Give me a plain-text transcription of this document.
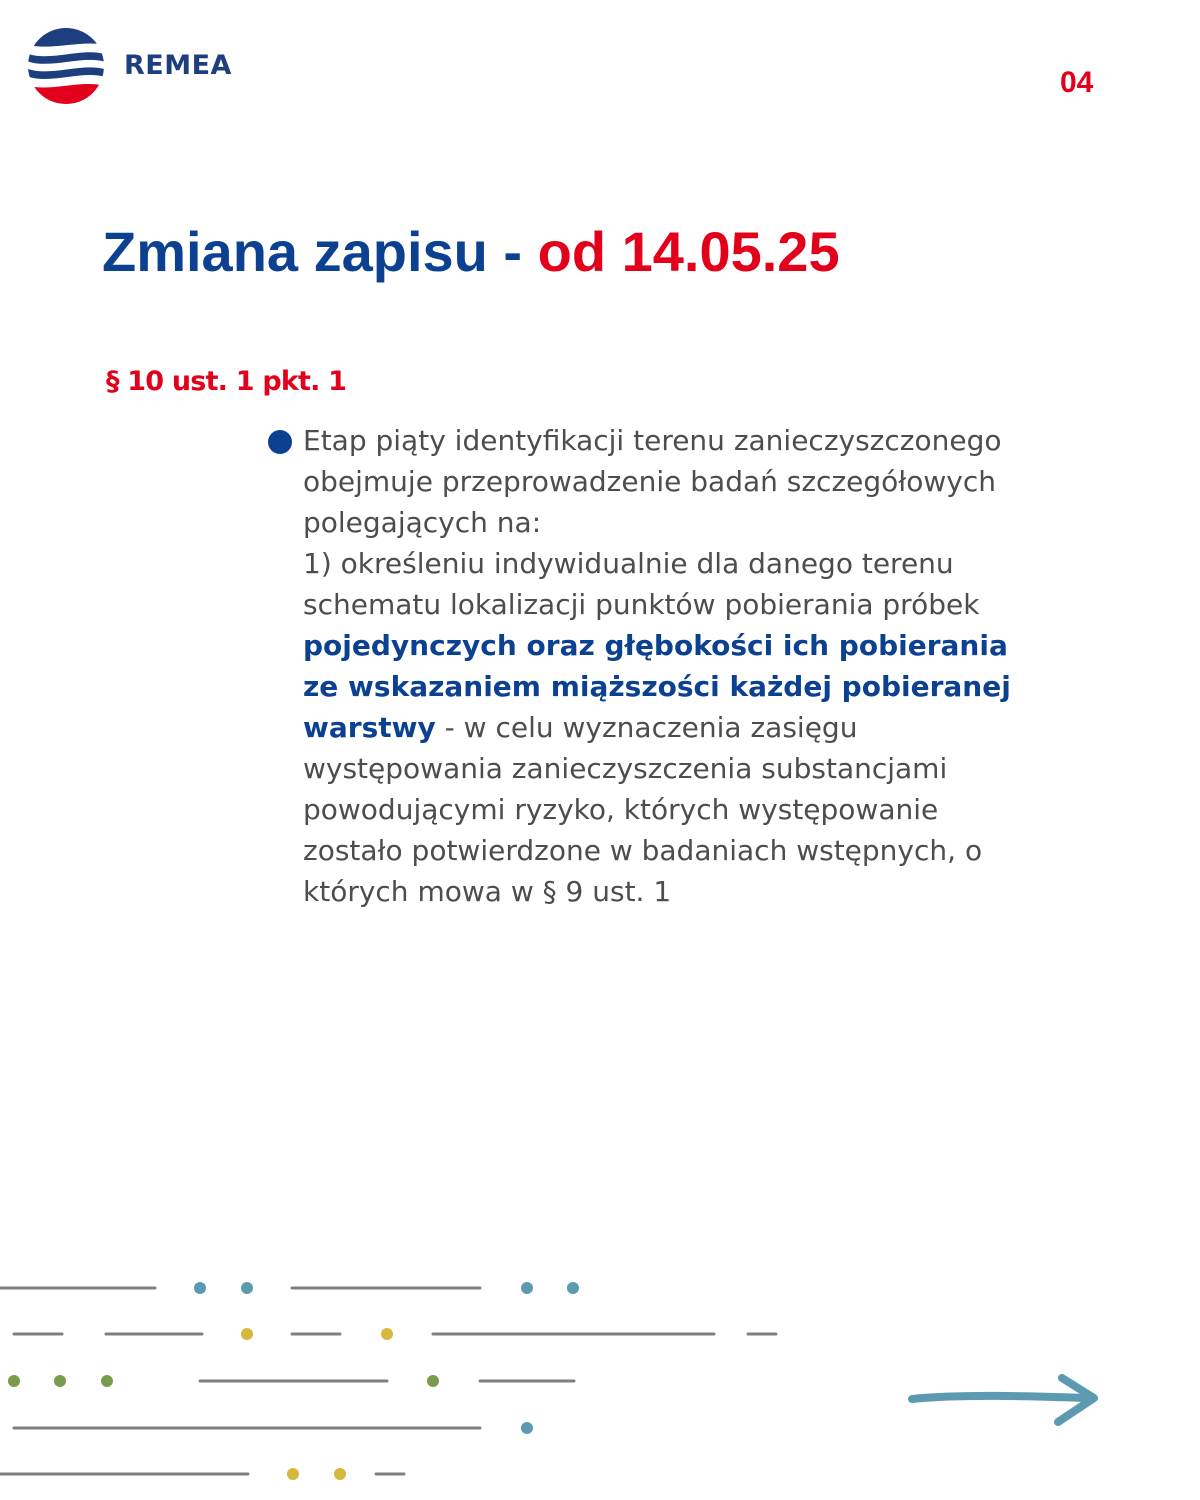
REMEA
04
Zmiana zapisu - od 14.05.25
§ 10 ust. 1 pkt. 1

Etap piąty identyfikacji terenu zanieczyszczonego obejmuje przeprowadzenie badań szczegółowych polegających na:
1) określeniu indywidualnie dla danego terenu schematu lokalizacji punktów pobierania próbek pojedynczych oraz głębokości ich pobierania ze wskazaniem miąższości każdej pobieranej warstwy - w celu wyznaczenia zasięgu występowania zanieczyszczenia substancjami powodującymi ryzyko, których występowanie zostało potwierdzone w badaniach wstępnych, o których mowa w § 9 ust. 1
